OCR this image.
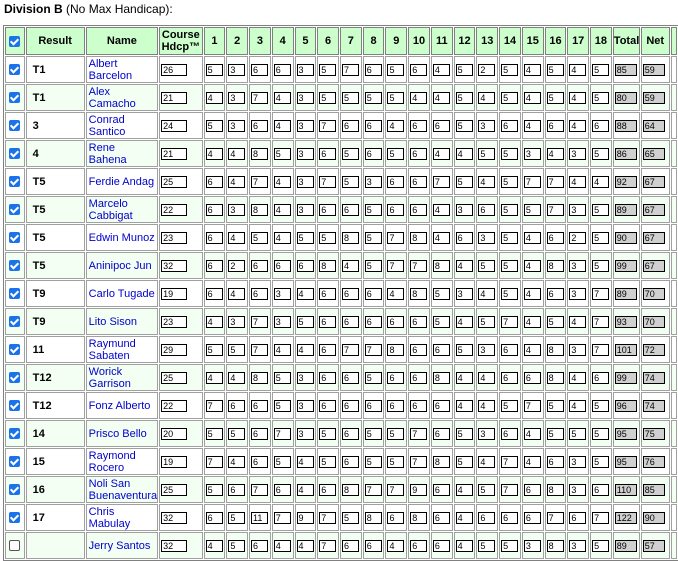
Division B (No Max Handicap):
	Result	Name	Course
Hdcp™	1	2	3	4	5	6	7	8	9	10	11	12	13	14	15	16	17	18	Total	Net	
	T1	Albert Barcelon	26	5	3	6	6	3	5	7	6	5	6	4	5	2	5	4	5	4	5	85	59	
	T1	Alex Camacho	21	4	3	7	4	3	5	5	5	5	4	4	5	4	5	4	5	4	5	80	59	
	3	Conrad Santico	24	5	3	6	4	3	7	6	6	4	6	6	5	3	6	4	6	4	6	88	64	
	4	Rene Bahena	21	4	4	8	5	3	6	5	6	5	6	4	4	5	5	3	4	3	5	86	65	
	T5	Ferdie Andag	25	6	4	7	4	3	7	5	3	6	6	7	5	4	5	7	7	4	4	92	67	
	T5	Marcelo Cabbigat	22	6	3	8	4	3	6	6	5	6	6	4	3	6	5	5	7	3	5	89	67	
	T5	Edwin Munoz	23	6	4	5	4	5	5	8	5	7	8	4	6	3	5	4	6	2	5	90	67	
	T5	Aninipoc Jun	32	6	2	6	6	6	8	4	5	7	7	8	4	5	5	4	8	3	5	99	67	
	T9	Carlo Tugade	19	6	4	6	3	4	6	6	6	4	8	5	3	4	5	4	6	3	7	89	70	
	T9	Lito Sison	23	4	3	7	3	5	6	6	6	6	6	5	4	5	7	4	5	4	7	93	70	
	11	Raymund Sabaten	29	5	5	7	4	4	6	7	7	8	6	6	5	3	6	4	8	3	7	101	72	
	T12	Worick Garrison	25	4	4	8	5	3	6	6	5	6	6	8	4	4	6	6	8	4	6	99	74	
	T12	Fonz Alberto	22	7	6	6	5	3	6	6	6	6	6	6	4	4	5	7	5	4	5	96	74	
	14	Prisco Bello	20	5	5	6	7	3	5	6	5	5	7	6	5	3	6	4	5	5	5	95	75	
	15	Raymond Rocero	19	7	4	6	5	4	5	6	5	5	7	8	5	4	7	4	6	3	5	95	76	
	16	Noli San Buenaventura	25	5	6	7	6	4	6	8	7	7	9	6	4	5	7	6	8	3	6	110	85	
	17	Chris Mabulay	32	6	5	11	7	9	7	5	8	6	8	6	4	6	6	6	7	6	7	122	90	
		Jerry Santos	32	4	5	6	4	4	7	6	6	4	6	6	4	5	5	3	8	3	5	89	57	
